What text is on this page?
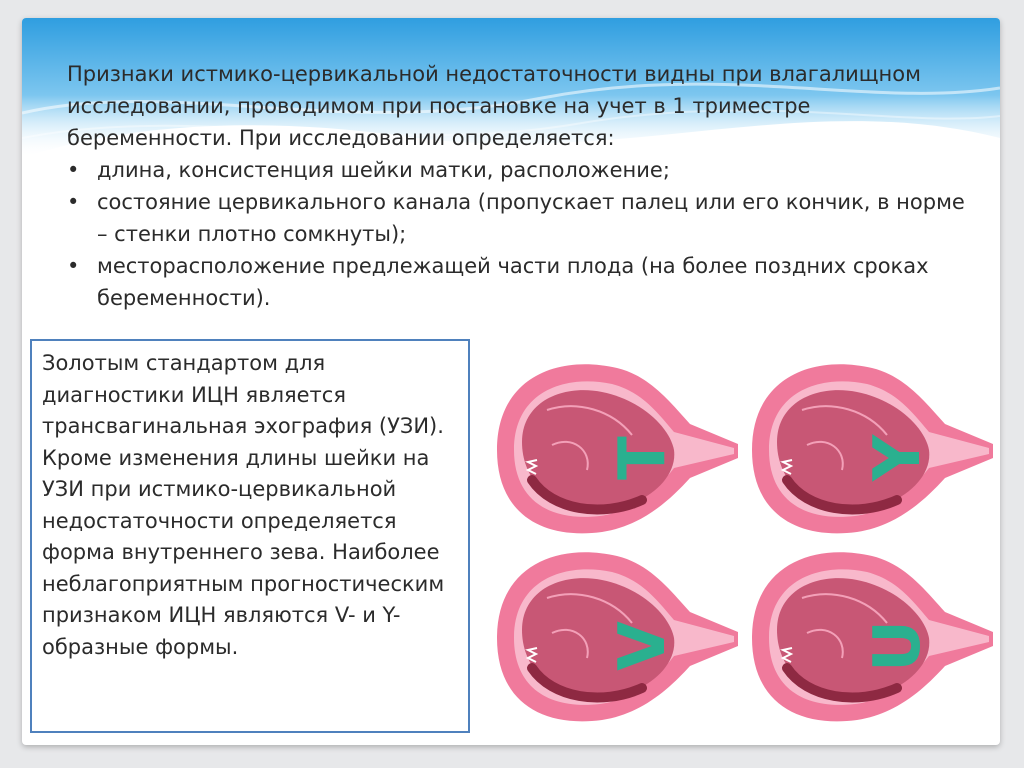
Признаки истмико-цервикальной недостаточности видны при влагалищном исследовании, проводимом при постановке на учет в 1 триместре беременности. При исследовании определяется:

• длина, консистенция шейки матки, расположение;
• состояние цервикального канала (пропускает палец или его кончик, в норме – стенки плотно сомкнуты);
• месторасположение предлежащей части плода (на более поздних сроках беременности).
Золотым стандартом для диагностики ИЦН является трансвагинальная эхография (УЗИ). Кроме изменения длины шейки на УЗИ при истмико-цервикальной недостаточности определяется форма внутреннего зева. Наиболее неблагоприятным прогностическим признаком ИЦН являются V- и Y-образные формы.
T	Y
V	U
